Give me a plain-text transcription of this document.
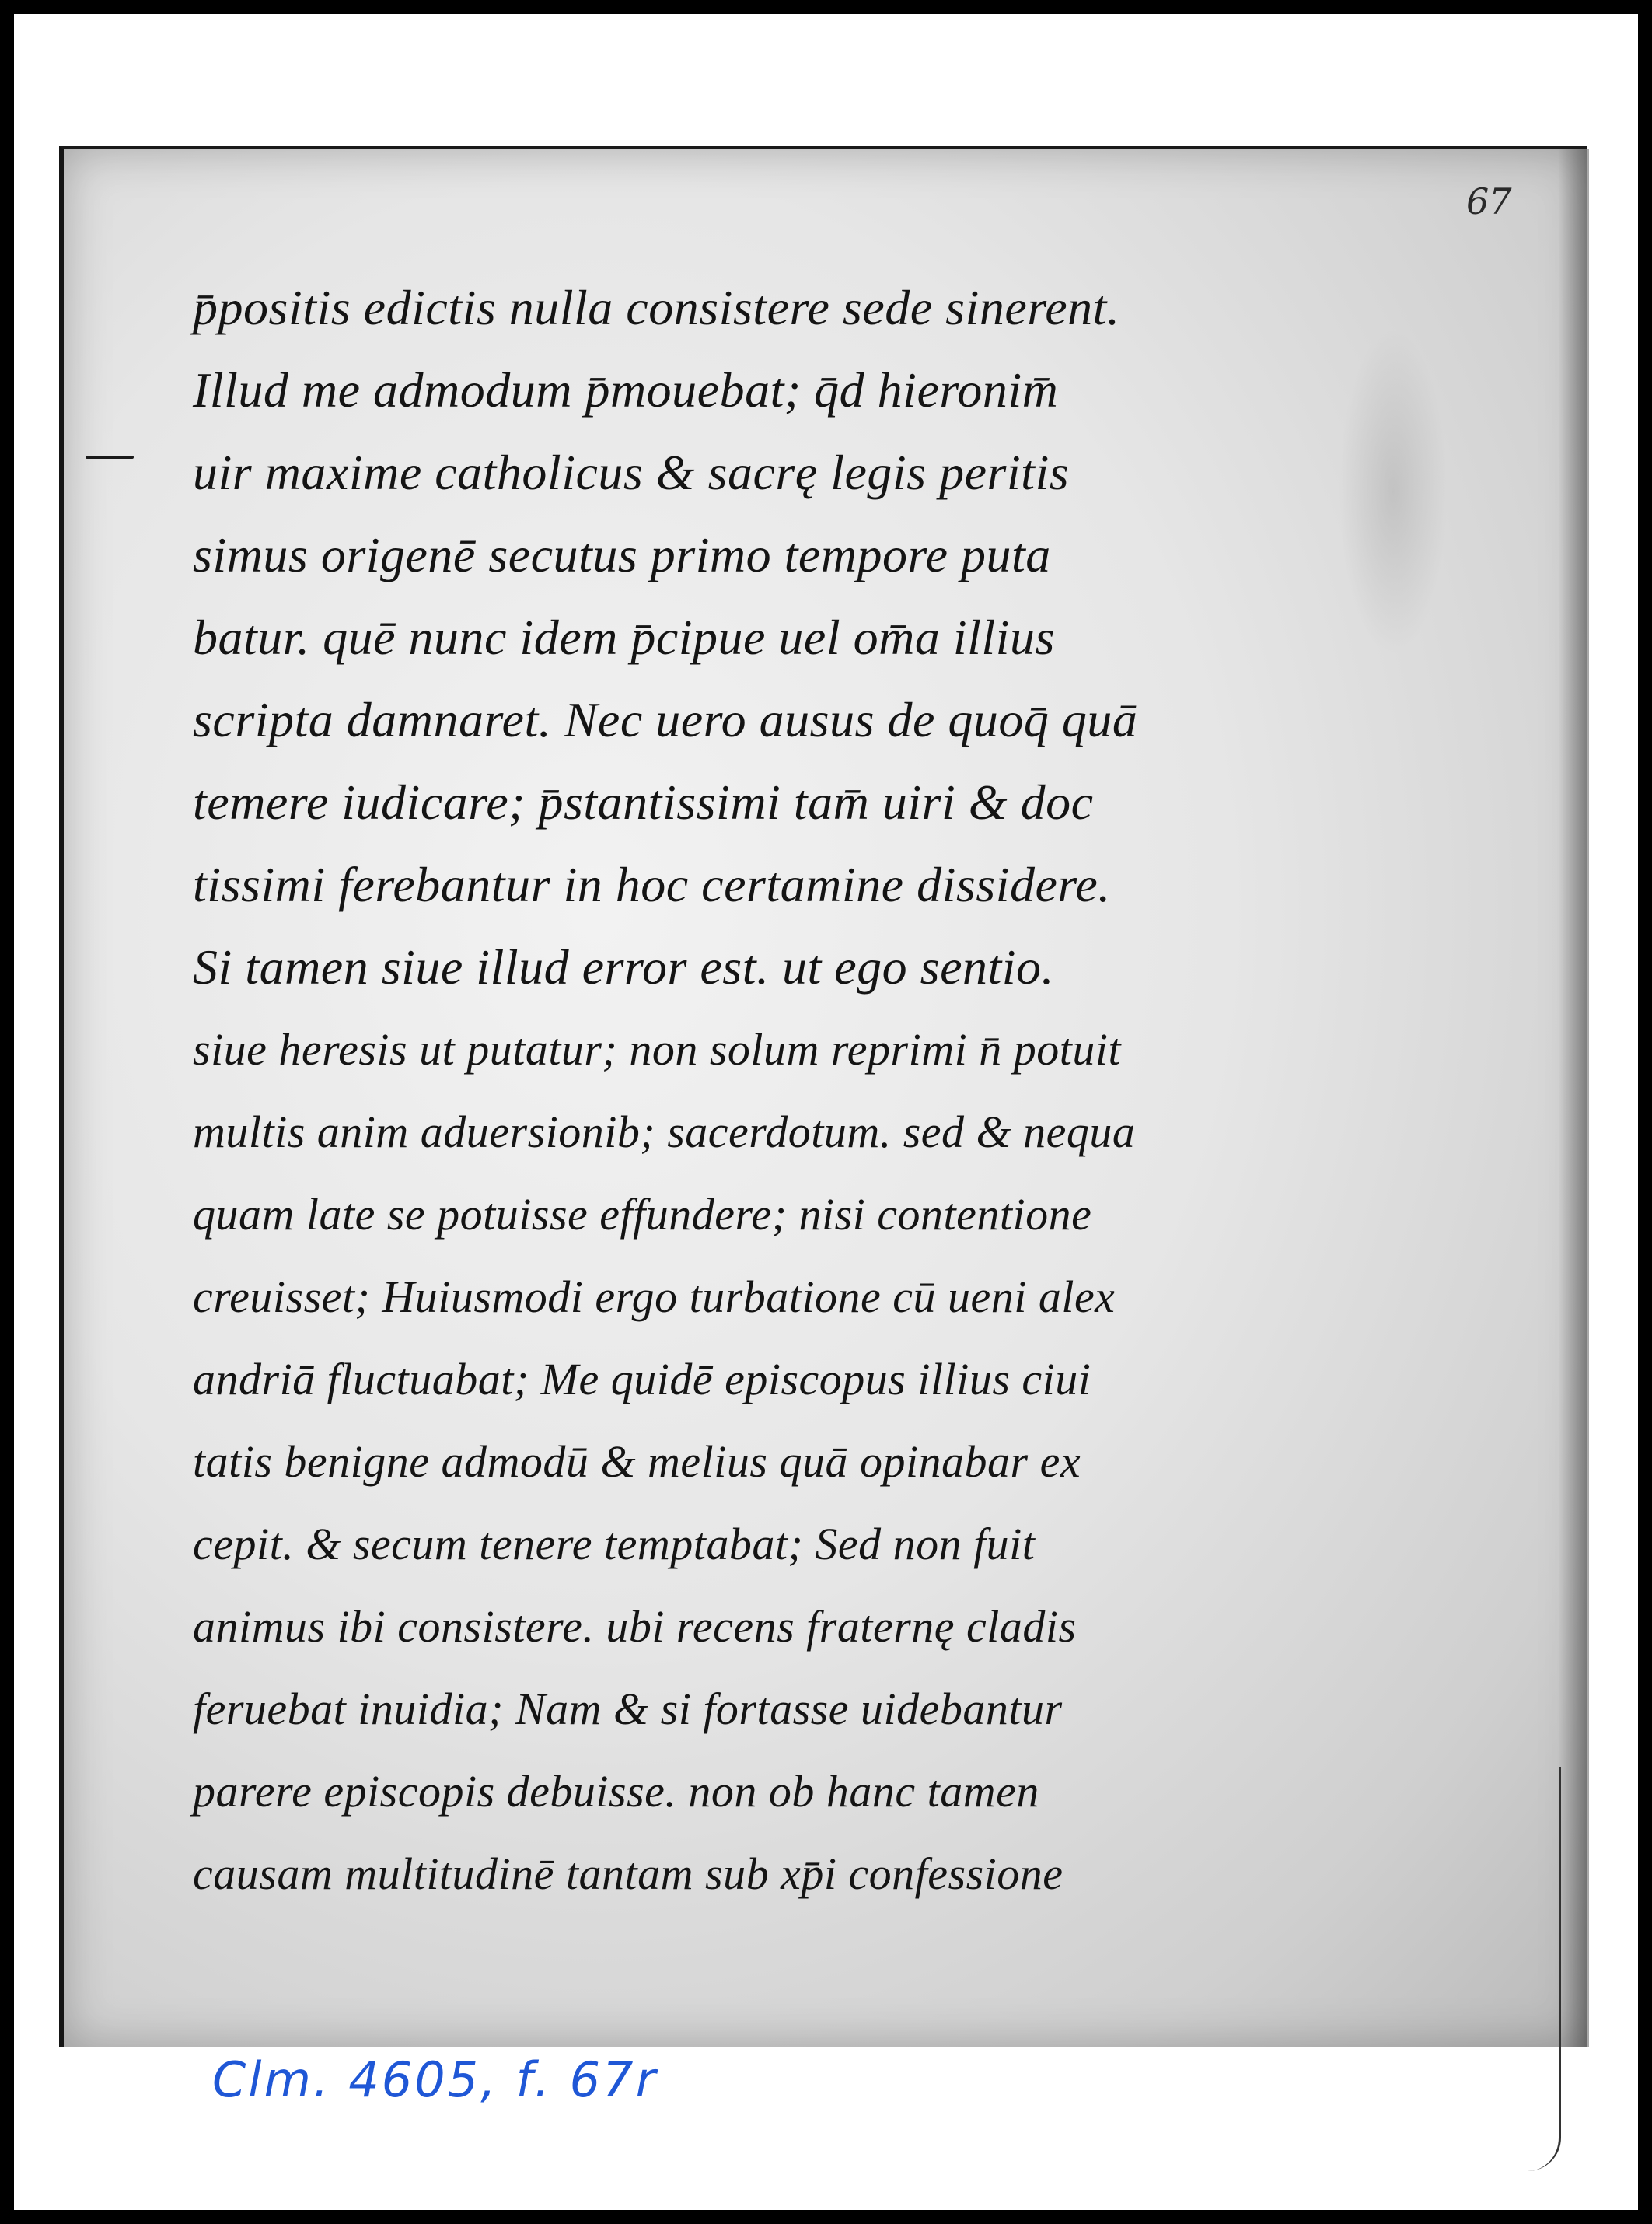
67
p̄positis edictis nulla consistere sede sinerent.
Illud me admodum p̄mouebat; q̄d hieronim̄
uir maxime catholicus & sacrę legis peritis
simus origenē secutus primo tempore puta
batur. quē nunc idem p̄cipue uel om̄a illius
scripta damnaret. Nec uero ausus de quoq̄ quā
temere iudicare; p̄stantissimi tam̄ uiri & doc
tissimi ferebantur in hoc certamine dissidere.
Si tamen siue illud error est. ut ego sentio.
siue heresis ut putatur; non solum reprimi n̄ potuit
multis anim aduersionib; sacerdotum. sed & nequa
quam late se potuisse effundere; nisi contentione
creuisset; Huiusmodi ergo turbatione cū ueni alex
andriā fluctuabat; Me quidē episcopus illius ciui
tatis benigne admodū & melius quā opinabar ex
cepit. & secum tenere temptabat; Sed non fuit
animus ibi consistere. ubi recens fraternę cladis
feruebat inuidia; Nam & si fortasse uidebantur
parere episcopis debuisse. non ob hanc tamen
causam multitudinē tantam sub xp̄i confessione
Clm. 4605, f. 67r
